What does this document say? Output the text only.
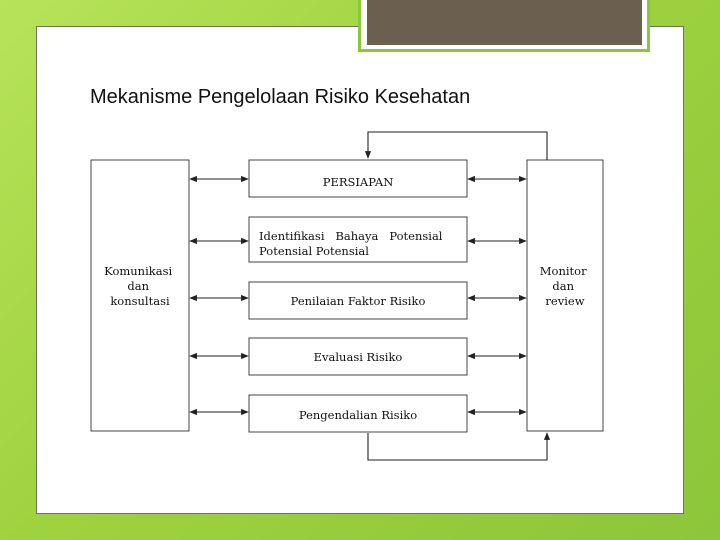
Mekanisme Pengelolaan Risiko Kesehatan
Komunikasi dan konsultasi
Monitor dan review
PERSIAPAN
Identifikasi   Bahaya   Potensial
Potensial Potensial
Penilaian Faktor Risiko
Evaluasi Risiko
Pengendalian Risiko
